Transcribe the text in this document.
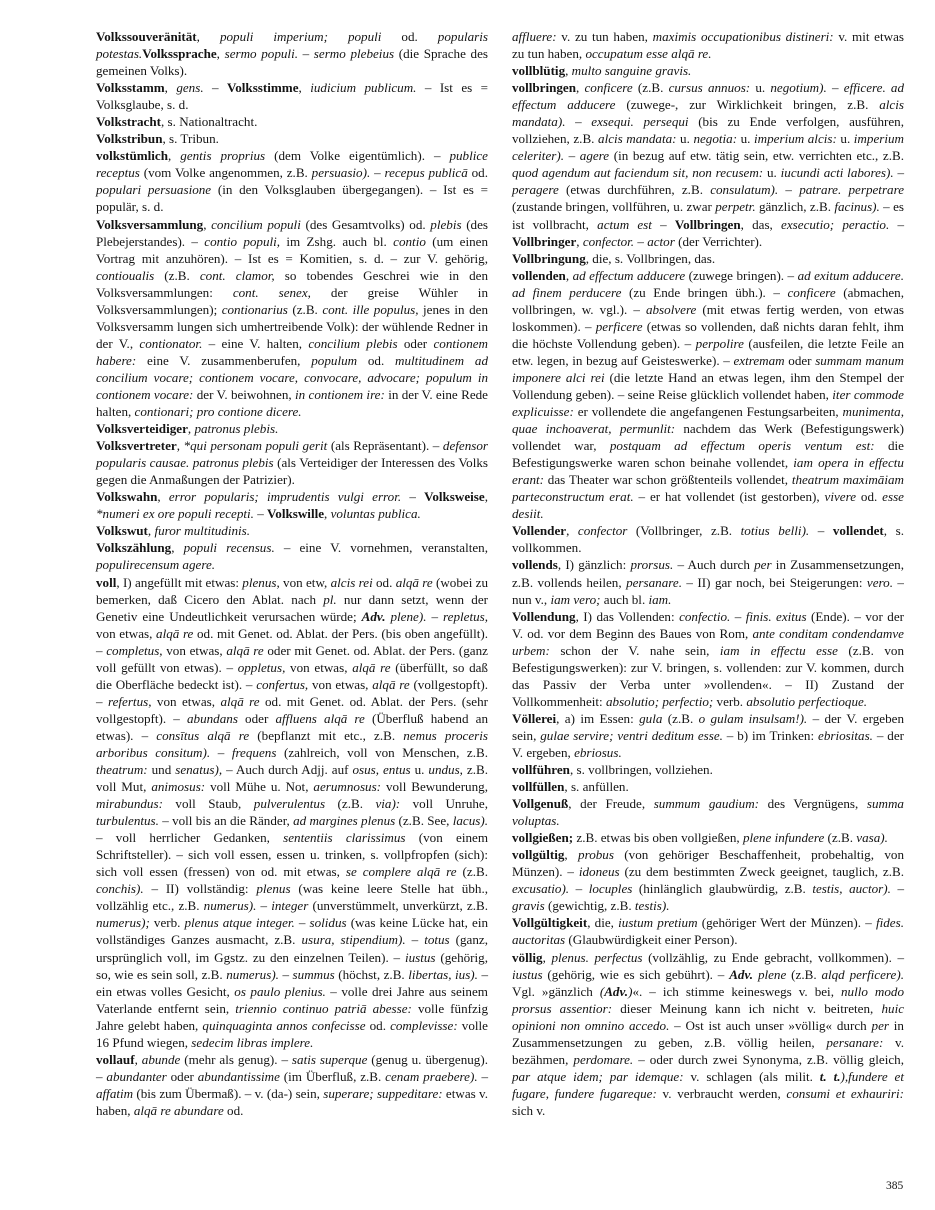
Volkssouveränität, populi imperium; populi od. popularis potestas.Volkssprache, sermo populi. – sermo plebeius (die Sprache des gemeinen Volks).

Volksstamm, gens. – Volksstimme, iudicium publicum. – Ist es = Volksglaube, s. d.

Volkstracht, s. Nationaltracht.

Volkstribun, s. Tribun.

volkstümlich, gentis proprius (dem Volke eigentümlich). – publice receptus (vom Volke angenommen, z.B. persuasio). – recepus publicā od. populari persuasione (in den Volksglauben übergegangen). – Ist es = populär, s. d.

Volksversammlung, concilium populi (des Gesamtvolks) od. plebis (des Plebejerstandes). – contio populi, im Zshg. auch bl. contio (um einen Vortrag mit anzuhören). – Ist es = Komitien, s. d. – zur V. gehörig, contioualis (z.B. cont. clamor, so tobendes Geschrei wie in den Volksversammlungen: cont. senex, der greise Wühler in Volksversammlungen); contionarius (z.B. cont. ille populus, jenes in den Volksversamm lungen sich umhertreibende Volk): der wühlende Redner in der V., contionator. – eine V. halten, concilium plebis oder contionem habere: eine V. zusammenberufen, populum od. multitudinem ad concilium vocare; contionem vocare, convocare, advocare; populum in contionem vocare: der V. beiwohnen, in contionem ire: in der V. eine Rede halten, contionari; pro contione dicere.

Volksverteidiger, patronus plebis.

Volksvertreter, *qui personam populi gerit (als Repräsentant). – defensor popularis causae. patronus plebis (als Verteidiger der Interessen des Volks gegen die Anmaßungen der Patrizier).

Volkswahn, error popularis; imprudentis vulgi error. – Volksweise, *numeri ex ore populi recepti. – Volkswille, voluntas publica.

Volkswut, furor multitudinis.

Volkszählung, populi recensus. – eine V. vornehmen, veranstalten, populirecensum agere.

voll, I) angefüllt mit etwas: plenus, von etw, alcis rei od. alqā re (wobei zu bemerken, daß Cicero den Ablat. nach pl. nur dann setzt, wenn der Genetiv eine Undeutlichkeit verursachen würde; Adv. plene). – repletus, von etwas, alqā re od. mit Genet. od. Ablat. der Pers. (bis oben angefüllt). – completus, von etwas, alqā re oder mit Genet. od. Ablat. der Pers. (ganz voll gefüllt von etwas). – oppletus, von etwas, alqā re (überfüllt, so daß die Oberfläche bedeckt ist). – confertus, von etwas, alqā re (vollgestopft). – refertus, von etwas, alqā re od. mit Genet. od. Ablat. der Pers. (sehr vollgestopft). – abundans oder affluens alqā re (Überfluß habend an etwas). – consītus alqā re (bepflanzt mit etc., z.B. nemus proceris arboribus consitum). – frequens (zahlreich, voll von Menschen, z.B. theatrum: und senatus), – Auch durch Adjj. auf osus, entus u. undus, z.B. voll Mut, animosus: voll Mühe u. Not, aerumnosus: voll Bewunderung, mirabundus: voll Staub, pulverulentus (z.B. via): voll Unruhe, turbulentus. – voll bis an die Ränder, ad margines plenus (z.B. See, lacus). – voll herrlicher Gedanken, sententiis clarissimus (von einem Schriftsteller). – sich voll essen, essen u. trinken, s. vollpfropfen (sich): sich voll essen (fressen) von od. mit etwas, se complere alqā re (z.B. conchis). – II) vollständig: plenus (was keine leere Stelle hat übh., vollzählig etc., z.B. numerus). – integer (unverstümmelt, unverkürzt, z.B. numerus); verb. plenus atque integer. – solidus (was keine Lücke hat, ein vollständiges Ganzes ausmacht, z.B. usura, stipendium). – totus (ganz, ursprünglich voll, im Ggstz. zu den einzelnen Teilen). – iustus (gehörig, so, wie es sein soll, z.B. numerus). – summus (höchst, z.B. libertas, ius). – ein etwas volles Gesicht, os paulo plenius. – volle drei Jahre aus seinem Vaterlande entfernt sein, triennio continuo patriā abesse: volle fünfzig Jahre gelebt haben, quinquaginta annos confecisse od. complevisse: volle 16 Pfund wiegen, sedecim libras implere.

vollauf, abunde (mehr als genug). – satis superque (genug u. übergenug). – abundanter oder abundantissime (im Überfluß, z.B. cenam praebere). – affatim (bis zum Übermaß). – v. (da-) sein, superare; suppeditare: etwas v. haben, alqā re abundare od.

affluere: v. zu tun haben, maximis occupationibus distineri: v. mit etwas zu tun haben, occupatum esse alqā re.

vollblütig, multo sanguine gravis.

vollbringen, conficere (z.B. cursus annuos: u. negotium). – efficere. ad effectum adducere (zuwege-, zur Wirklichkeit bringen, z.B. alcis mandata). – exsequi. persequi (bis zu Ende verfolgen, ausführen, vollziehen, z.B. alcis mandata: u. negotia: u. imperium alcis: u. imperium celeriter). – agere (in bezug auf etw. tätig sein, etw. verrichten etc., z.B. quod agendum aut faciendum sit, non recusem: u. iucundi acti labores). – peragere (etwas durchführen, z.B. consulatum). – patrare. perpetrare (zustande bringen, vollführen, u. zwar perpetr. gänzlich, z.B. facinus). – es ist vollbracht, actum est – Vollbringen, das, exsecutio; peractio. – Vollbringer, confector. – actor (der Verrichter).

Vollbringung, die, s. Vollbringen, das.

vollenden, ad effectum adducere (zuwege bringen). – ad exitum adducere. ad finem perducere (zu Ende bringen übh.). – conficere (abmachen, vollbringen, w. vgl.). – absolvere (mit etwas fertig werden, von etwas loskommen). – perficere (etwas so vollenden, daß nichts daran fehlt, ihm die höchste Vollendung geben). – perpolire (ausfeilen, die letzte Feile an etw. legen, in bezug auf Geisteswerke). – extremam oder summam manum imponere alci rei (die letzte Hand an etwas legen, ihm den Stempel der Vollendung geben). – seine Reise glücklich vollendet haben, iter commode explicuisse: er vollendete die angefangenen Festungsarbeiten, munimenta, quae inchoaverat, permunlit: nachdem das Werk (Befestigungswerk) vollendet war, postquam ad effectum operis ventum est: die Befestigungswerke waren schon beinahe vollendet, iam opera in effectu erant: das Theater war schon größtenteils vollendet, theatrum maximāiam parteconstructum erat. – er hat vollendet (ist gestorben), vivere od. esse desiit.

Vollender, confector (Vollbringer, z.B. totius belli). – vollendet, s. vollkommen.

vollends, I) gänzlich: prorsus. – Auch durch per in Zusammensetzungen, z.B. vollends heilen, persanare. – II) gar noch, bei Steigerungen: vero. – nun v., iam vero; auch bl. iam.

Vollendung, I) das Vollenden: confectio. – finis. exitus (Ende). – vor der V. od. vor dem Beginn des Baues von Rom, ante conditam condendamve urbem: schon der V. nahe sein, iam in effectu esse (z.B. von Befestigungswerken): zur V. bringen, s. vollenden: zur V. kommen, durch das Passiv der Verba unter »vollenden«. – II) Zustand der Vollkommenheit: absolutio; perfectio; verb. absolutio perfectioque.

Völlerei, a) im Essen: gula (z.B. o gulam insulsam!). – der V. ergeben sein, gulae servire; ventri deditum esse. – b) im Trinken: ebriositas. – der V. ergeben, ebriosus.

vollführen, s. vollbringen, vollziehen.

vollfüllen, s. anfüllen.

Vollgenuß, der Freude, summum gaudium: des Vergnügens, summa voluptas.

vollgießen; z.B. etwas bis oben vollgießen, plene infundere (z.B. vasa).

vollgültig, probus (von gehöriger Beschaffenheit, probehaltig, von Münzen). – idoneus (zu dem bestimmten Zweck geeignet, tauglich, z.B. excusatio). – locuples (hinlänglich glaubwürdig, z.B. testis, auctor). – gravis (gewichtig, z.B. testis).

Vollgültigkeit, die, iustum pretium (gehöriger Wert der Münzen). – fides. auctoritas (Glaubwürdigkeit einer Person).

völlig, plenus. perfectus (vollzählig, zu Ende gebracht, vollkommen). – iustus (gehörig, wie es sich gebührt). – Adv. plene (z.B. alqd perficere). Vgl. »gänzlich (Adv.)«. – ich stimme keineswegs v. bei, nullo modo prorsus assentior: dieser Meinung kann ich nicht v. beitreten, huic opinioni non omnino accedo. – Ost ist auch unser »völlig« durch per in Zusammensetzungen zu geben, z.B. völlig heilen, persanare: v. bezähmen, perdomare. – oder durch zwei Synonyma, z.B. völlig gleich, par atque idem; par idemque: v. schlagen (als milit. t. t.),fundere et fugare, fundere fugareque: v. verbraucht werden, consumi et exhauriri: sich v.

385
